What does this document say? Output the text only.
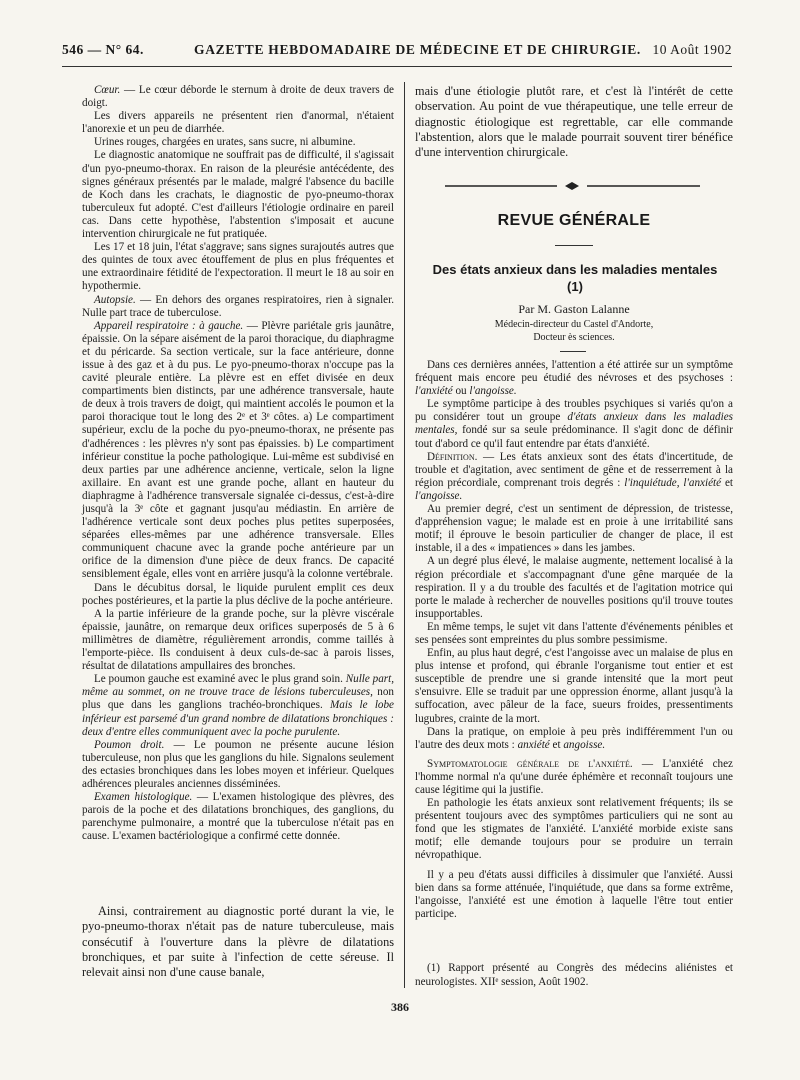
546 — N° 64.	GAZETTE HEBDOMADAIRE DE MÉDECINE ET DE CHIRURGIE. 10 Août 1902

Cœur. — Le cœur déborde le sternum à droite de deux travers de doigt.

Les divers appareils ne présentent rien d'anormal, n'étaient l'anorexie et un peu de diarrhée.

Urines rouges, chargées en urates, sans sucre, ni albumine.

Le diagnostic anatomique ne souffrait pas de difficulté, il s'agissait d'un pyo-pneumo-thorax. En raison de la pleurésie antécédente, des signes généraux présentés par le malade, malgré l'absence du bacille de Koch dans les crachats, le diagnostic de pyo-pneumo-thorax tuberculeux fut adopté. C'est d'ailleurs l'étiologie ordinaire en pareil cas. Dans cette hypothèse, l'abstention s'imposait et aucune intervention chirurgicale ne fut pratiquée.

Les 17 et 18 juin, l'état s'aggrave; sans signes surajoutés autres que des quintes de toux avec étouffement de plus en plus fréquentes et une extraordinaire fétidité de l'expectoration. Il meurt le 18 au soir en hypothermie.

Autopsie. — En dehors des organes respiratoires, rien à signaler. Nulle part trace de tuberculose.

Appareil respiratoire : à gauche. — Plèvre pariétale gris jaunâtre, épaissie. On la sépare aisément de la paroi thoracique, du diaphragme et du péricarde. Sa section verticale, sur la face antérieure, donne issue à des gaz et à du pus. Le pyo-pneumo-thorax n'occupe pas la cavité pleurale entière. La plèvre est en effet divisée en deux compartiments bien distincts, par une adhérence transversale, haute de deux à trois travers de doigt, qui maintient accolés le poumon et la paroi thoracique tout le long des 2ᵉ et 3ᵉ côtes. a) Le compartiment supérieur, exclu de la poche du pyo-pneumo-thorax, ne présente pas d'adhérences : les plèvres n'y sont pas épaissies. b) Le compartiment inférieur constitue la poche pathologique. Lui-même est subdivisé en deux parties par une adhérence ancienne, verticale, selon la ligne axillaire. En avant est une grande poche, allant en hauteur du diaphragme à l'adhérence transversale signalée ci-dessus, c'est-à-dire jusqu'à la 3ᵉ côte et gagnant jusqu'au médiastin. En arrière de l'adhérence verticale sont deux poches plus petites superposées, séparées elles-mêmes par une adhérence transversale. Elles communiquent chacune avec la grande poche antérieure par un orifice de la dimension d'une pièce de deux francs. De capacité sensiblement égale, elles vont en arrière jusqu'à la colonne vertébrale.

Dans le décubitus dorsal, le liquide purulent emplit ces deux poches postérieures, et la partie la plus déclive de la poche antérieure.

A la partie inférieure de la grande poche, sur la plèvre viscérale épaissie, jaunâtre, on remarque deux orifices superposés de 5 à 6 millimètres de diamètre, régulièrement arrondis, comme taillés à l'emporte-pièce. Ils conduisent à deux culs-de-sac à parois lisses, résultat de dilatations ampullaires des bronches.

Le poumon gauche est examiné avec le plus grand soin. Nulle part, même au sommet, on ne trouve trace de lésions tuberculeuses, non plus que dans les ganglions trachéo-bronchiques. Mais le lobe inférieur est parsemé d'un grand nombre de dilatations bronchiques : deux d'entre elles communiquent avec la poche purulente.

Poumon droit. — Le poumon ne présente aucune lésion tuberculeuse, non plus que les ganglions du hile. Signalons seulement des ectasies bronchiques dans les lobes moyen et inférieur. Quelques adhérences pleurales anciennes disséminées.

Examen histologique. — L'examen histologique des plèvres, des parois de la poche et des dilatations bronchiques, des ganglions, du parenchyme pulmonaire, a montré que la tuberculose n'était pas en cause. L'examen bactériologique a confirmé cette donnée.

Ainsi, contrairement au diagnostic porté durant la vie, le pyo-pneumo-thorax n'était pas de nature tuberculeuse, mais consécutif à l'ouverture dans la plèvre de dilatations bronchiques, et par suite à l'infection de cette séreuse. Il relevait ainsi non d'une cause banale,

mais d'une étiologie plutôt rare, et c'est là l'intérêt de cette observation. Au point de vue thérapeutique, une telle erreur de diagnostic étiologique est regrettable, car elle commande l'abstention, alors que le malade pourrait souvent tirer bénéfice d'une intervention chirurgicale.

REVUE GÉNÉRALE
Des états anxieux dans les maladies mentales (1)
Par M. Gaston Lalanne
Médecin-directeur du Castel d'Andorte,
Docteur ès sciences.

Dans ces dernières années, l'attention a été attirée sur un symptôme fréquent mais encore peu étudié des névroses et des psychoses : l'anxiété ou l'angoisse.

Le symptôme participe à des troubles psychiques si variés qu'on a pu considérer tout un groupe d'états anxieux dans les maladies mentales, fondé sur sa seule prédominance. Il s'agit donc de définir tout d'abord ce qu'il faut entendre par états d'anxiété.

Définition. — Les états anxieux sont des états d'incertitude, de trouble et d'agitation, avec sentiment de gêne et de resserrement à la région précordiale, comprenant trois degrés : l'inquiétude, l'anxiété et l'angoisse.

Au premier degré, c'est un sentiment de dépression, de tristesse, d'appréhension vague; le malade est en proie à une irritabilité sans motif; il éprouve le besoin particulier de changer de place, il est instable, il a des « impatiences » dans les jambes.

A un degré plus élevé, le malaise augmente, nettement localisé à la région précordiale et s'accompagnant d'une gêne marquée de la respiration. Il y a du trouble des facultés et de l'agitation motrice qui porte le malade à rechercher de nouvelles positions qu'il trouve toutes insupportables.

En même temps, le sujet vit dans l'attente d'événements pénibles et ses pensées sont empreintes du plus sombre pessimisme.

Enfin, au plus haut degré, c'est l'angoisse avec un malaise de plus en plus intense et profond, qui ébranle l'organisme tout entier et est susceptible de prendre une si grande intensité que la mort peut s'ensuivre. Elle se traduit par une oppression énorme, allant jusqu'à la suffocation, avec pâleur de la face, sueurs froides, pressentiments lugubres, crainte de la mort.

Dans la pratique, on emploie à peu près indifféremment l'un ou l'autre des deux mots : anxiété et angoisse.

Symptomatologie générale de l'anxiété. — L'anxiété chez l'homme normal n'a qu'une durée éphémère et reconnaît toujours une cause légitime qui la justifie.

En pathologie les états anxieux sont relativement fréquents; ils se présentent toujours avec des symptômes particuliers qui ne sont au fond que les stigmates de l'anxiété. L'anxiété morbide existe sans motif; elle demande toujours pour se produire un terrain névropathique.

Il y a peu d'états aussi difficiles à dissimuler que l'anxiété. Aussi bien dans sa forme atténuée, l'inquiétude, que dans sa forme extrême, l'angoisse, l'anxiété est une émotion à laquelle l'être tout entier participe.

(1) Rapport présenté au Congrès des médecins aliénistes et neurologistes. XIIᵉ session, Août 1902.

386
